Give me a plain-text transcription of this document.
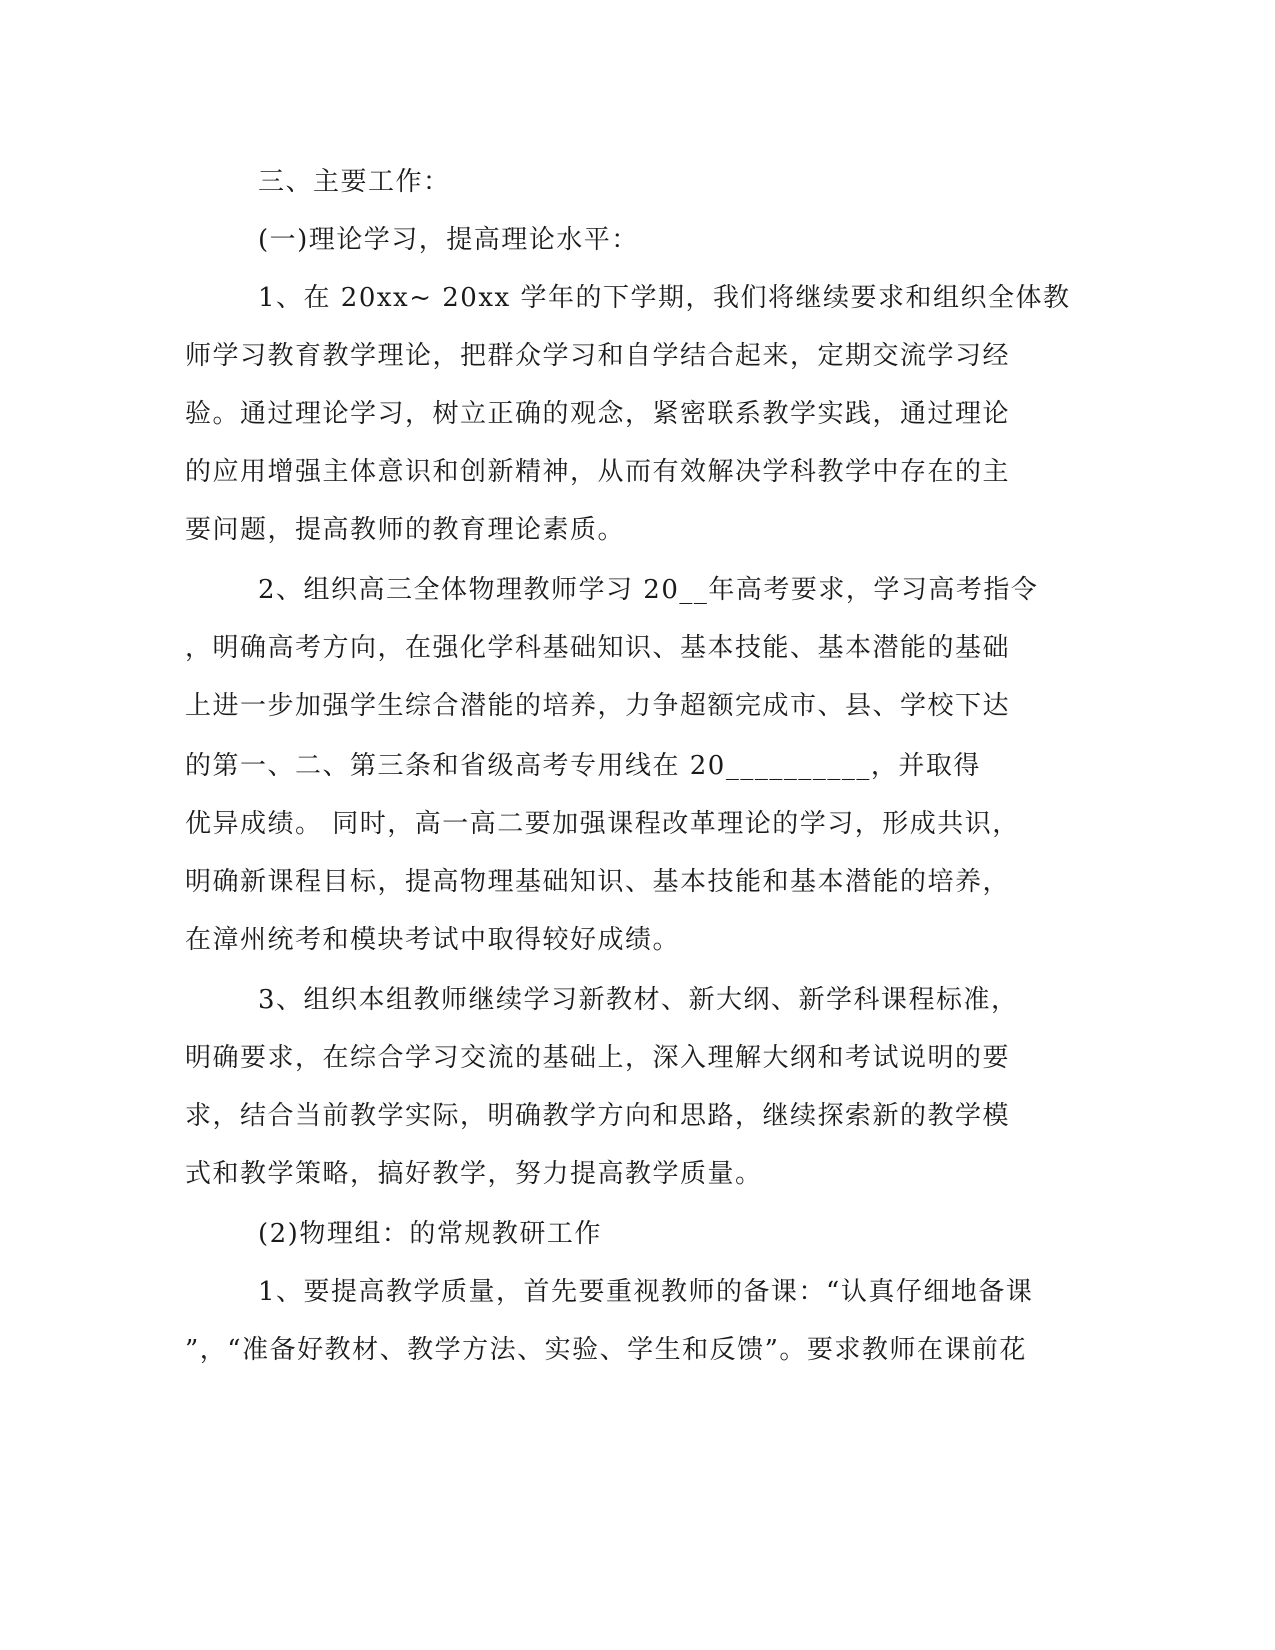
三、主要工作：
(一)理论学习，提高理论水平：
1、在 20xx~ 20xx 学年的下学期，我们将继续要求和组织全体教
师学习教育教学理论，把群众学习和自学结合起来，定期交流学习经
验。通过理论学习，树立正确的观念，紧密联系教学实践，通过理论
的应用增强主体意识和创新精神，从而有效解决学科教学中存在的主
要问题，提高教师的教育理论素质。
2、组织高三全体物理教师学习 20__年高考要求，学习高考指令
，明确高考方向，在强化学科基础知识、基本技能、基本潜能的基础
上进一步加强学生综合潜能的培养，力争超额完成市、县、学校下达
的第一、二、第三条和省级高考专用线在 20__________，并取得
优异成绩。 同时，高一高二要加强课程改革理论的学习，形成共识，
明确新课程目标，提高物理基础知识、基本技能和基本潜能的培养，
在漳州统考和模块考试中取得较好成绩。
3、组织本组教师继续学习新教材、新大纲、新学科课程标准，
明确要求，在综合学习交流的基础上，深入理解大纲和考试说明的要
求，结合当前教学实际，明确教学方向和思路，继续探索新的教学模
式和教学策略，搞好教学，努力提高教学质量。
(2)物理组：的常规教研工作
1、要提高教学质量，首先要重视教师的备课：“认真仔细地备课
”，“准备好教材、教学方法、实验、学生和反馈”。要求教师在课前花
